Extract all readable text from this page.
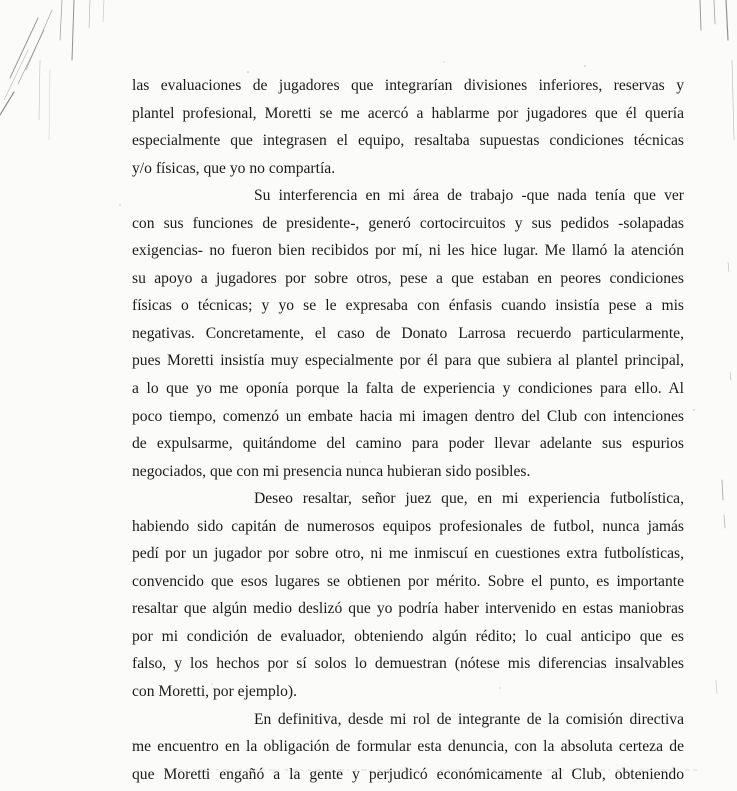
las evaluaciones de jugadores que integrarían divisiones inferiores, reservas y
plantel profesional, Moretti se me acercó a hablarme por jugadores que él quería
especialmente que integrasen el equipo, resaltaba supuestas condiciones técnicas
y/o físicas, que yo no compartía.
Su interferencia en mi área de trabajo -que nada tenía que ver
con sus funciones de presidente-, generó cortocircuitos y sus pedidos -solapadas
exigencias- no fueron bien recibidos por mí, ni les hice lugar. Me llamó la atención
su apoyo a jugadores por sobre otros, pese a que estaban en peores condiciones
físicas o técnicas; y yo se le expresaba con énfasis cuando insistía pese a mis
negativas. Concretamente, el caso de Donato Larrosa recuerdo particularmente,
pues Moretti insistía muy especialmente por él para que subiera al plantel principal,
a lo que yo me oponía porque la falta de experiencia y condiciones para ello. Al
poco tiempo, comenzó un embate hacia mi imagen dentro del Club con intenciones
de expulsarme, quitándome del camino para poder llevar adelante sus espurios
negociados, que con mi presencia nunca hubieran sido posibles.
Deseo resaltar, señor juez que, en mi experiencia futbolística,
habiendo sido capitán de numerosos equipos profesionales de futbol, nunca jamás
pedí por un jugador por sobre otro, ni me inmiscuí en cuestiones extra futbolísticas,
convencido que esos lugares se obtienen por mérito. Sobre el punto, es importante
resaltar que algún medio deslizó que yo podría haber intervenido en estas maniobras
por mi condición de evaluador, obteniendo algún rédito; lo cual anticipo que es
falso, y los hechos por sí solos lo demuestran (nótese mis diferencias insalvables
con Moretti, por ejemplo).
En definitiva, desde mi rol de integrante de la comisión directiva
me encuentro en la obligación de formular esta denuncia, con la absoluta certeza de
que Moretti engañó a la gente y perjudicó económicamente al Club, obteniendo
